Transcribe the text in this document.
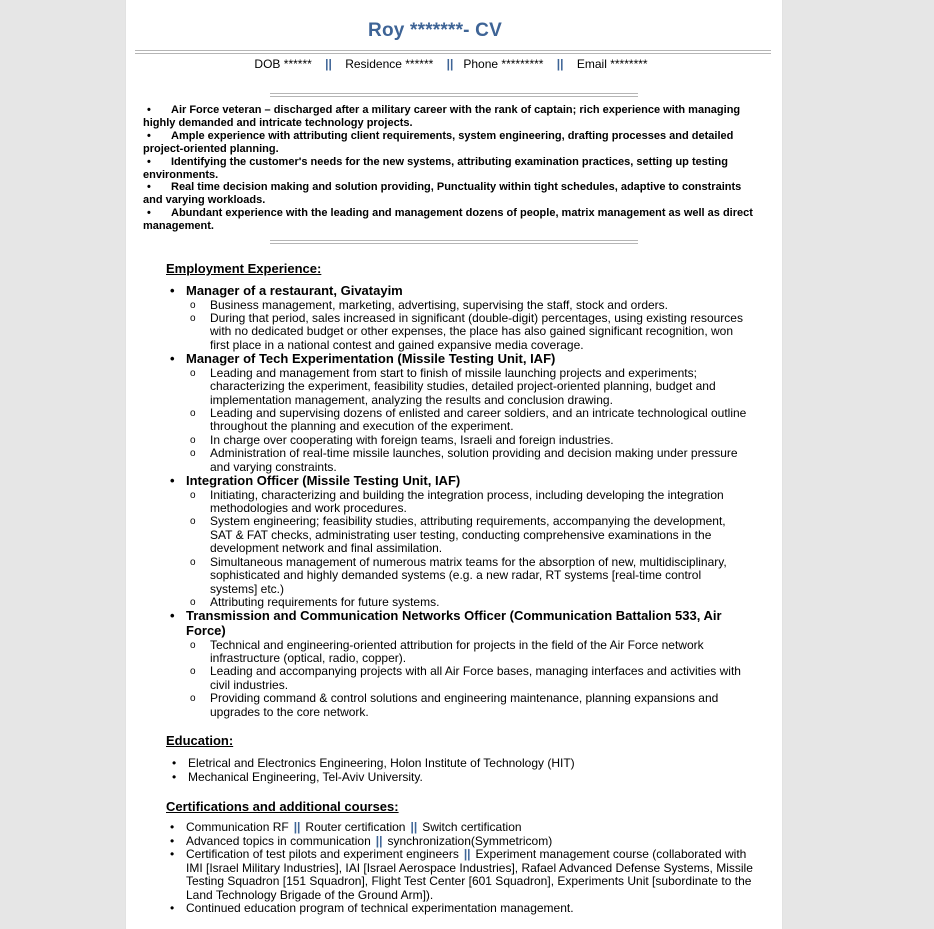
Roy *******- CV
DOB ****** || Residence ****** || Phone ********* || Email ********

• Air Force veteran – discharged after a military career with the rank of captain; rich experience with managing highly demanded and intricate technology projects.

• Ample experience with attributing client requirements, system engineering, drafting processes and detailed project-oriented planning.

• Identifying the customer's needs for the new systems, attributing examination practices, setting up testing environments.

• Real time decision making and solution providing, Punctuality within tight schedules, adaptive to constraints and varying workloads.

• Abundant experience with the leading and management dozens of people, matrix management as well as direct management.

Employment Experience:
• Manager of a restaurant, Givatayim
o Business management, marketing, advertising, supervising the staff, stock and orders.
o During that period, sales increased in significant (double-digit) percentages, using existing resources with no dedicated budget or other expenses, the place has also gained significant recognition, won first place in a national contest and gained expansive media coverage.
• Manager of Tech Experimentation (Missile Testing Unit, IAF)
o Leading and management from start to finish of missile launching projects and experiments; characterizing the experiment, feasibility studies, detailed project-oriented planning, budget and implementation management, analyzing the results and conclusion drawing.
o Leading and supervising dozens of enlisted and career soldiers, and an intricate technological outline throughout the planning and execution of the experiment.
o In charge over cooperating with foreign teams, Israeli and foreign industries.
o Administration of real-time missile launches, solution providing and decision making under pressure and varying constraints.
• Integration Officer (Missile Testing Unit, IAF)
o Initiating, characterizing and building the integration process, including developing the integration methodologies and work procedures.
o System engineering; feasibility studies, attributing requirements, accompanying the development, SAT & FAT checks, administrating user testing, conducting comprehensive examinations in the development network and final assimilation.
o Simultaneous management of numerous matrix teams for the absorption of new, multidisciplinary, sophisticated and highly demanded systems (e.g. a new radar, RT systems [real-time control systems] etc.)
o Attributing requirements for future systems.
• Transmission and Communication Networks Officer (Communication Battalion 533, Air Force)
o Technical and engineering-oriented attribution for projects in the field of the Air Force network infrastructure (optical, radio, copper).
o Leading and accompanying projects with all Air Force bases, managing interfaces and activities with civil industries.
o Providing command & control solutions and engineering maintenance, planning expansions and upgrades to the core network.
Education:
• Eletrical and Electronics Engineering, Holon Institute of Technology (HIT)
• Mechanical Engineering, Tel-Aviv University.
Certifications and additional courses:
• Communication RF || Router certification || Switch certification
• Advanced topics in communication || synchronization(Symmetricom)
• Certification of test pilots and experiment engineers || Experiment management course (collaborated with IMI [Israel Military Industries], IAI [Israel Aerospace Industries], Rafael Advanced Defense Systems, Missile Testing Squadron [151 Squadron], Flight Test Center [601 Squadron], Experiments Unit [subordinate to the Land Technology Brigade of the Ground Arm]).
• Continued education program of technical experimentation management.
